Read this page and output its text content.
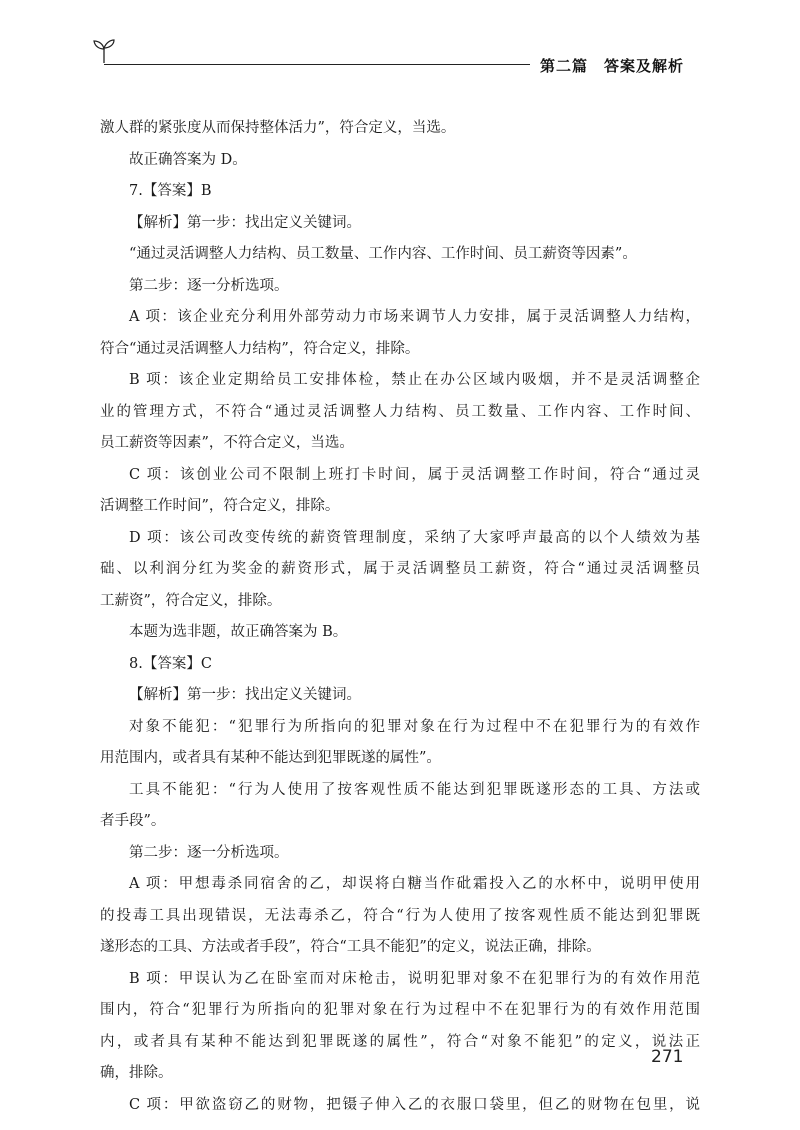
第二篇　答案及解析

激人群的紧张度从而保持整体活力”，符合定义，当选。

故正确答案为 D。

7.【答案】B

【解析】第一步：找出定义关键词。

“通过灵活调整人力结构、员工数量、工作内容、工作时间、员工薪资等因素”。

第二步：逐一分析选项。

A 项：该企业充分利用外部劳动力市场来调节人力安排，属于灵活调整人力结构，

符合“通过灵活调整人力结构”，符合定义，排除。

B 项：该企业定期给员工安排体检，禁止在办公区域内吸烟，并不是灵活调整企

业的管理方式，不符合“通过灵活调整人力结构、员工数量、工作内容、工作时间、

员工薪资等因素”，不符合定义，当选。

C 项：该创业公司不限制上班打卡时间，属于灵活调整工作时间，符合“通过灵

活调整工作时间”，符合定义，排除。

D 项：该公司改变传统的薪资管理制度，采纳了大家呼声最高的以个人绩效为基

础、以利润分红为奖金的薪资形式，属于灵活调整员工薪资，符合“通过灵活调整员

工薪资”，符合定义，排除。

本题为选非题，故正确答案为 B。

8.【答案】C

【解析】第一步：找出定义关键词。

对象不能犯：“犯罪行为所指向的犯罪对象在行为过程中不在犯罪行为的有效作

用范围内，或者具有某种不能达到犯罪既遂的属性”。

工具不能犯：“行为人使用了按客观性质不能达到犯罪既遂形态的工具、方法或

者手段”。

第二步：逐一分析选项。

A 项：甲想毒杀同宿舍的乙，却误将白糖当作砒霜投入乙的水杯中，说明甲使用

的投毒工具出现错误，无法毒杀乙，符合“行为人使用了按客观性质不能达到犯罪既

遂形态的工具、方法或者手段”，符合“工具不能犯”的定义，说法正确，排除。

B 项：甲误认为乙在卧室而对床枪击，说明犯罪对象不在犯罪行为的有效作用范

围内，符合“犯罪行为所指向的犯罪对象在行为过程中不在犯罪行为的有效作用范围

内，或者具有某种不能达到犯罪既遂的属性”，符合“对象不能犯”的定义，说法正

确，排除。

C 项：甲欲盗窃乙的财物，把镊子伸入乙的衣服口袋里，但乙的财物在包里，说

271
